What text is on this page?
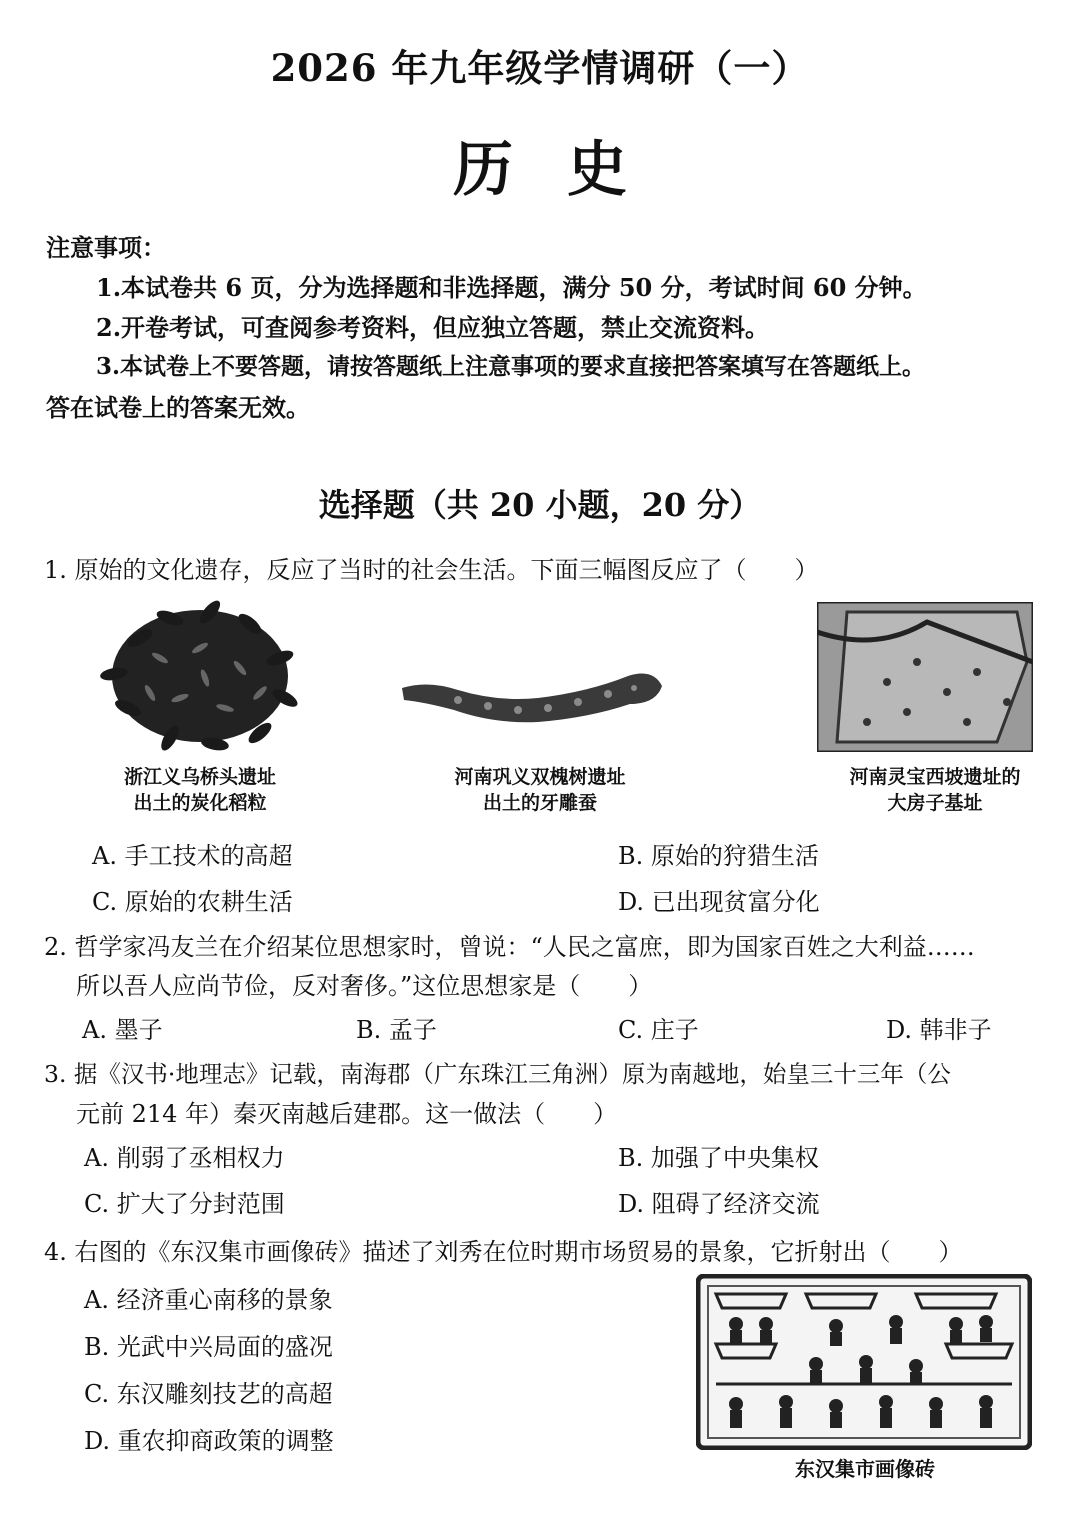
2026 年九年级学情调研（一）
历史
注意事项：
1.本试卷共 6 页，分为选择题和非选择题，满分 50 分，考试时间 60 分钟。
2.开卷考试，可查阅参考资料，但应独立答题，禁止交流资料。
3.本试卷上不要答题，请按答题纸上注意事项的要求直接把答案填写在答题纸上。
答在试卷上的答案无效。
选择题（共 20 小题，20 分）
1. 原始的文化遗存，反应了当时的社会生活。下面三幅图反应了（　　）
浙江义乌桥头遗址
出土的炭化稻粒
河南巩义双槐树遗址
出土的牙雕蚕
河南灵宝西坡遗址的
大房子基址
A. 手工技术的高超	B. 原始的狩猎生活
C. 原始的农耕生活	D. 已出现贫富分化
2. 哲学家冯友兰在介绍某位思想家时，曾说：“人民之富庶，即为国家百姓之大利益……
所以吾人应尚节俭，反对奢侈。”这位思想家是（　　）
A. 墨子	B. 孟子	C. 庄子	D. 韩非子
3. 据《汉书·地理志》记载，南海郡（广东珠江三角洲）原为南越地，始皇三十三年（公
元前 214 年）秦灭南越后建郡。这一做法（　　）
A. 削弱了丞相权力	B. 加强了中央集权
C. 扩大了分封范围	D. 阻碍了经济交流
4. 右图的《东汉集市画像砖》描述了刘秀在位时期市场贸易的景象，它折射出（　　）
A. 经济重心南移的景象
B. 光武中兴局面的盛况
C. 东汉雕刻技艺的高超
D. 重农抑商政策的调整
东汉集市画像砖
